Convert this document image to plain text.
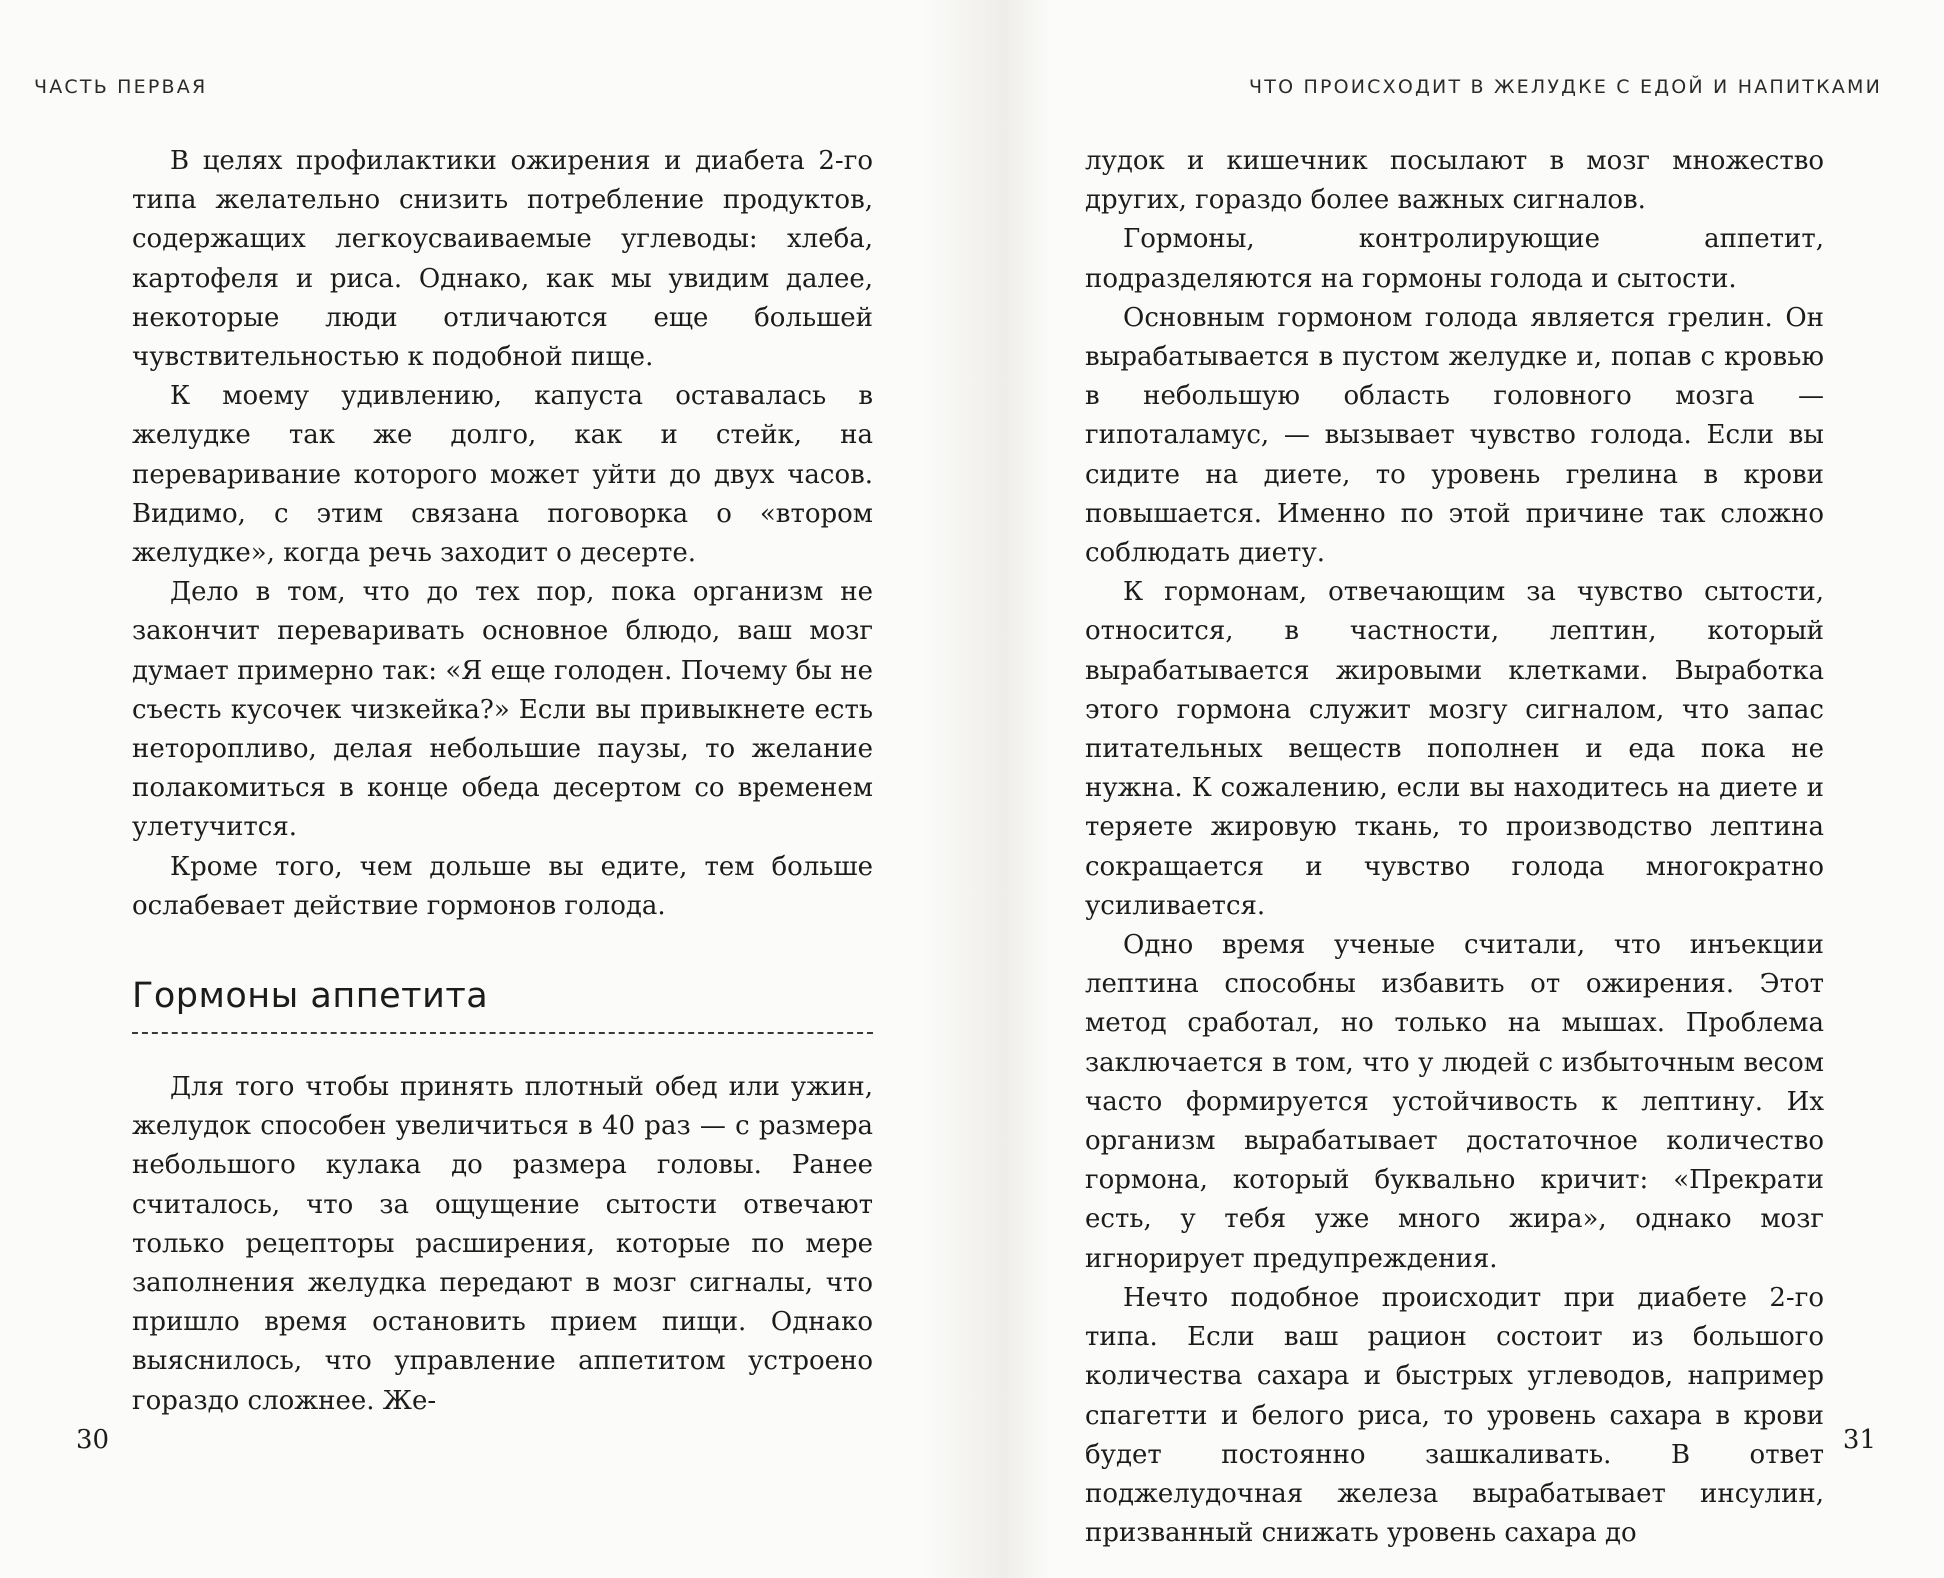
ЧАСТЬ ПЕРВАЯ

В целях профилактики ожирения и диабета 2-го типа желательно снизить потребление продуктов, содержащих легкоусваиваемые углеводы: хлеба, картофеля и риса. Однако, как мы увидим далее, некоторые люди отличаются еще большей чувствительностью к подобной пище.

К моему удивлению, капуста оставалась в желудке так же долго, как и стейк, на переваривание которого может уйти до двух часов. Видимо, с этим связана поговорка о «втором желудке», когда речь заходит о десерте.

Дело в том, что до тех пор, пока организм не закончит переваривать основное блюдо, ваш мозг думает примерно так: «Я еще голоден. Почему бы не съесть кусочек чизкейка?» Если вы привыкнете есть неторопливо, делая небольшие паузы, то желание полакомиться в конце обеда десертом со временем улетучится.

Кроме того, чем дольше вы едите, тем больше ослабевает действие гормонов голода.

Гормоны аппетита

Для того чтобы принять плотный обед или ужин, желудок способен увеличиться в 40 раз — с размера небольшого кулака до размера головы. Ранее считалось, что за ощущение сытости отвечают только рецепторы расширения, которые по мере заполнения желудка передают в мозг сигналы, что пришло время остановить прием пищи. Однако выяснилось, что управление аппетитом устроено гораздо сложнее. Же-

30
ЧТО ПРОИСХОДИТ В ЖЕЛУДКЕ С ЕДОЙ И НАПИТКАМИ

лудок и кишечник посылают в мозг множество других, гораздо более важных сигналов.

Гормоны, контролирующие аппетит, подразделяются на гормоны голода и сытости.

Основным гормоном голода является грелин. Он вырабатывается в пустом желудке и, попав с кровью в небольшую область головного мозга — гипоталамус, — вызывает чувство голода. Если вы сидите на диете, то уровень грелина в крови повышается. Именно по этой причине так сложно соблюдать диету.

К гормонам, отвечающим за чувство сытости, относится, в частности, лептин, который вырабатывается жировыми клетками. Выработка этого гормона служит мозгу сигналом, что запас питательных веществ пополнен и еда пока не нужна. К сожалению, если вы находитесь на диете и теряете жировую ткань, то производство лептина сокращается и чувство голода многократно усиливается.

Одно время ученые считали, что инъекции лептина способны избавить от ожирения. Этот метод сработал, но только на мышах. Проблема заключается в том, что у людей с избыточным весом часто формируется устойчивость к лептину. Их организм вырабатывает достаточное количество гормона, который буквально кричит: «Прекрати есть, у тебя уже много жира», однако мозг игнорирует предупреждения.

Нечто подобное происходит при диабете 2-го типа. Если ваш рацион состоит из большого количества сахара и быстрых углеводов, например спагетти и белого риса, то уровень сахара в крови будет постоянно зашкаливать. В ответ поджелудочная железа вырабатывает инсулин, призванный снижать уровень сахара до

31
